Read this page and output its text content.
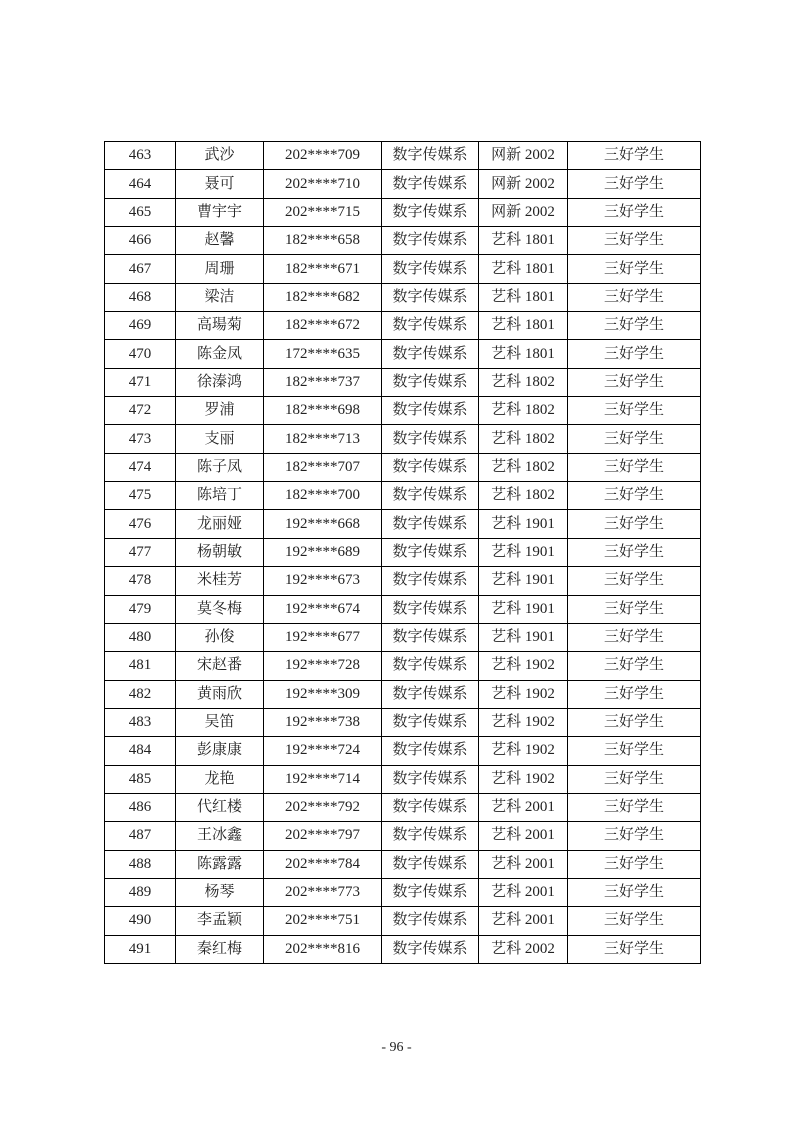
463	武沙	202****709	数字传媒系	网新 2002	三好学生
464	聂可	202****710	数字传媒系	网新 2002	三好学生
465	曹宇宇	202****715	数字传媒系	网新 2002	三好学生
466	赵馨	182****658	数字传媒系	艺科 1801	三好学生
467	周珊	182****671	数字传媒系	艺科 1801	三好学生
468	梁洁	182****682	数字传媒系	艺科 1801	三好学生
469	高瑒菊	182****672	数字传媒系	艺科 1801	三好学生
470	陈金凤	172****635	数字传媒系	艺科 1801	三好学生
471	徐溱鸿	182****737	数字传媒系	艺科 1802	三好学生
472	罗浦	182****698	数字传媒系	艺科 1802	三好学生
473	支丽	182****713	数字传媒系	艺科 1802	三好学生
474	陈子凤	182****707	数字传媒系	艺科 1802	三好学生
475	陈培丁	182****700	数字传媒系	艺科 1802	三好学生
476	龙丽娅	192****668	数字传媒系	艺科 1901	三好学生
477	杨朝敏	192****689	数字传媒系	艺科 1901	三好学生
478	米桂芳	192****673	数字传媒系	艺科 1901	三好学生
479	莫冬梅	192****674	数字传媒系	艺科 1901	三好学生
480	孙俊	192****677	数字传媒系	艺科 1901	三好学生
481	宋赵番	192****728	数字传媒系	艺科 1902	三好学生
482	黄雨欣	192****309	数字传媒系	艺科 1902	三好学生
483	吴笛	192****738	数字传媒系	艺科 1902	三好学生
484	彭康康	192****724	数字传媒系	艺科 1902	三好学生
485	龙艳	192****714	数字传媒系	艺科 1902	三好学生
486	代红楼	202****792	数字传媒系	艺科 2001	三好学生
487	王冰鑫	202****797	数字传媒系	艺科 2001	三好学生
488	陈露露	202****784	数字传媒系	艺科 2001	三好学生
489	杨琴	202****773	数字传媒系	艺科 2001	三好学生
490	李孟颖	202****751	数字传媒系	艺科 2001	三好学生
491	秦红梅	202****816	数字传媒系	艺科 2002	三好学生
- 96 -
